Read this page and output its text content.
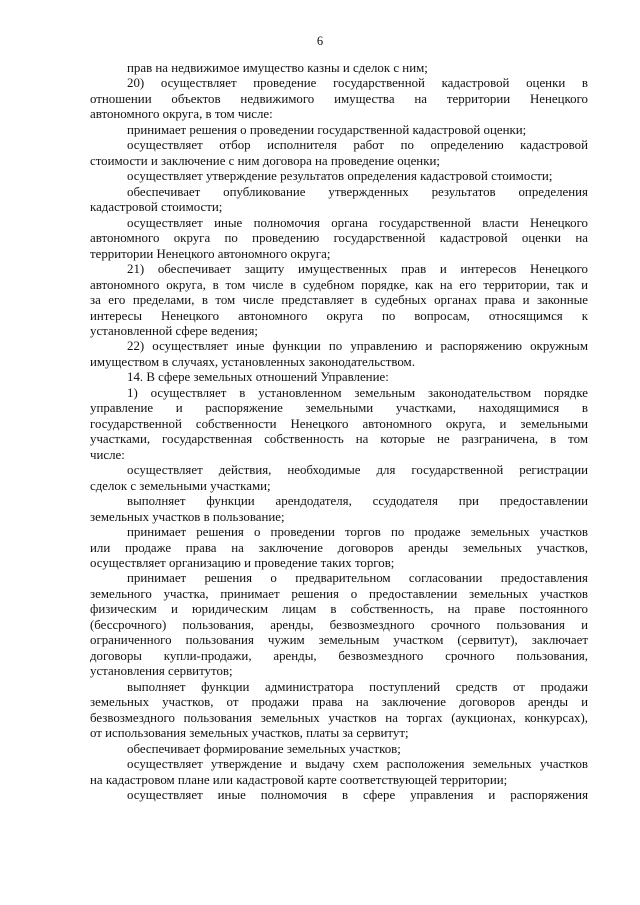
6
прав на недвижимое имущество казны и сделок с ним;
20) осуществляет проведение государственной кадастровой оценки в
отношении объектов недвижимого имущества на территории Ненецкого
автономного округа, в том числе:
принимает решения о проведении государственной кадастровой оценки;
осуществляет отбор исполнителя работ по определению кадастровой
стоимости и заключение с ним договора на проведение оценки;
осуществляет утверждение результатов определения кадастровой стоимости;
обеспечивает опубликование утвержденных результатов определения
кадастровой стоимости;
осуществляет иные полномочия органа государственной власти Ненецкого
автономного округа по проведению государственной кадастровой оценки на
территории Ненецкого автономного округа;
21) обеспечивает защиту имущественных прав и интересов Ненецкого
автономного округа, в том числе в судебном порядке, как на его территории, так и
за его пределами, в том числе представляет в судебных органах права и законные
интересы Ненецкого автономного округа по вопросам, относящимся к
установленной сфере ведения;
22) осуществляет иные функции по управлению и распоряжению окружным
имуществом в случаях, установленных законодательством.
14. В сфере земельных отношений Управление:
1) осуществляет в установленном земельным законодательством порядке
управление и распоряжение земельными участками, находящимися в
государственной собственности Ненецкого автономного округа, и земельными
участками, государственная собственность на которые не разграничена, в том
числе:
осуществляет действия, необходимые для государственной регистрации
сделок с земельными участками;
выполняет функции арендодателя, ссудодателя при предоставлении
земельных участков в пользование;
принимает решения о проведении торгов по продаже земельных участков
или продаже права на заключение договоров аренды земельных участков,
осуществляет организацию и проведение таких торгов;
принимает решения о предварительном согласовании предоставления
земельного участка, принимает решения о предоставлении земельных участков
физическим и юридическим лицам в собственность, на праве постоянного
(бессрочного) пользования, аренды, безвозмездного срочного пользования и
ограниченного пользования чужим земельным участком (сервитут), заключает
договоры купли-продажи, аренды, безвозмездного срочного пользования,
установления сервитутов;
выполняет функции администратора поступлений средств от продажи
земельных участков, от продажи права на заключение договоров аренды и
безвозмездного пользования земельных участков на торгах (аукционах, конкурсах),
от использования земельных участков, платы за сервитут;
обеспечивает формирование земельных участков;
осуществляет утверждение и выдачу схем расположения земельных участков
на кадастровом плане или кадастровой карте соответствующей территории;
осуществляет иные полномочия в сфере управления и распоряжения
